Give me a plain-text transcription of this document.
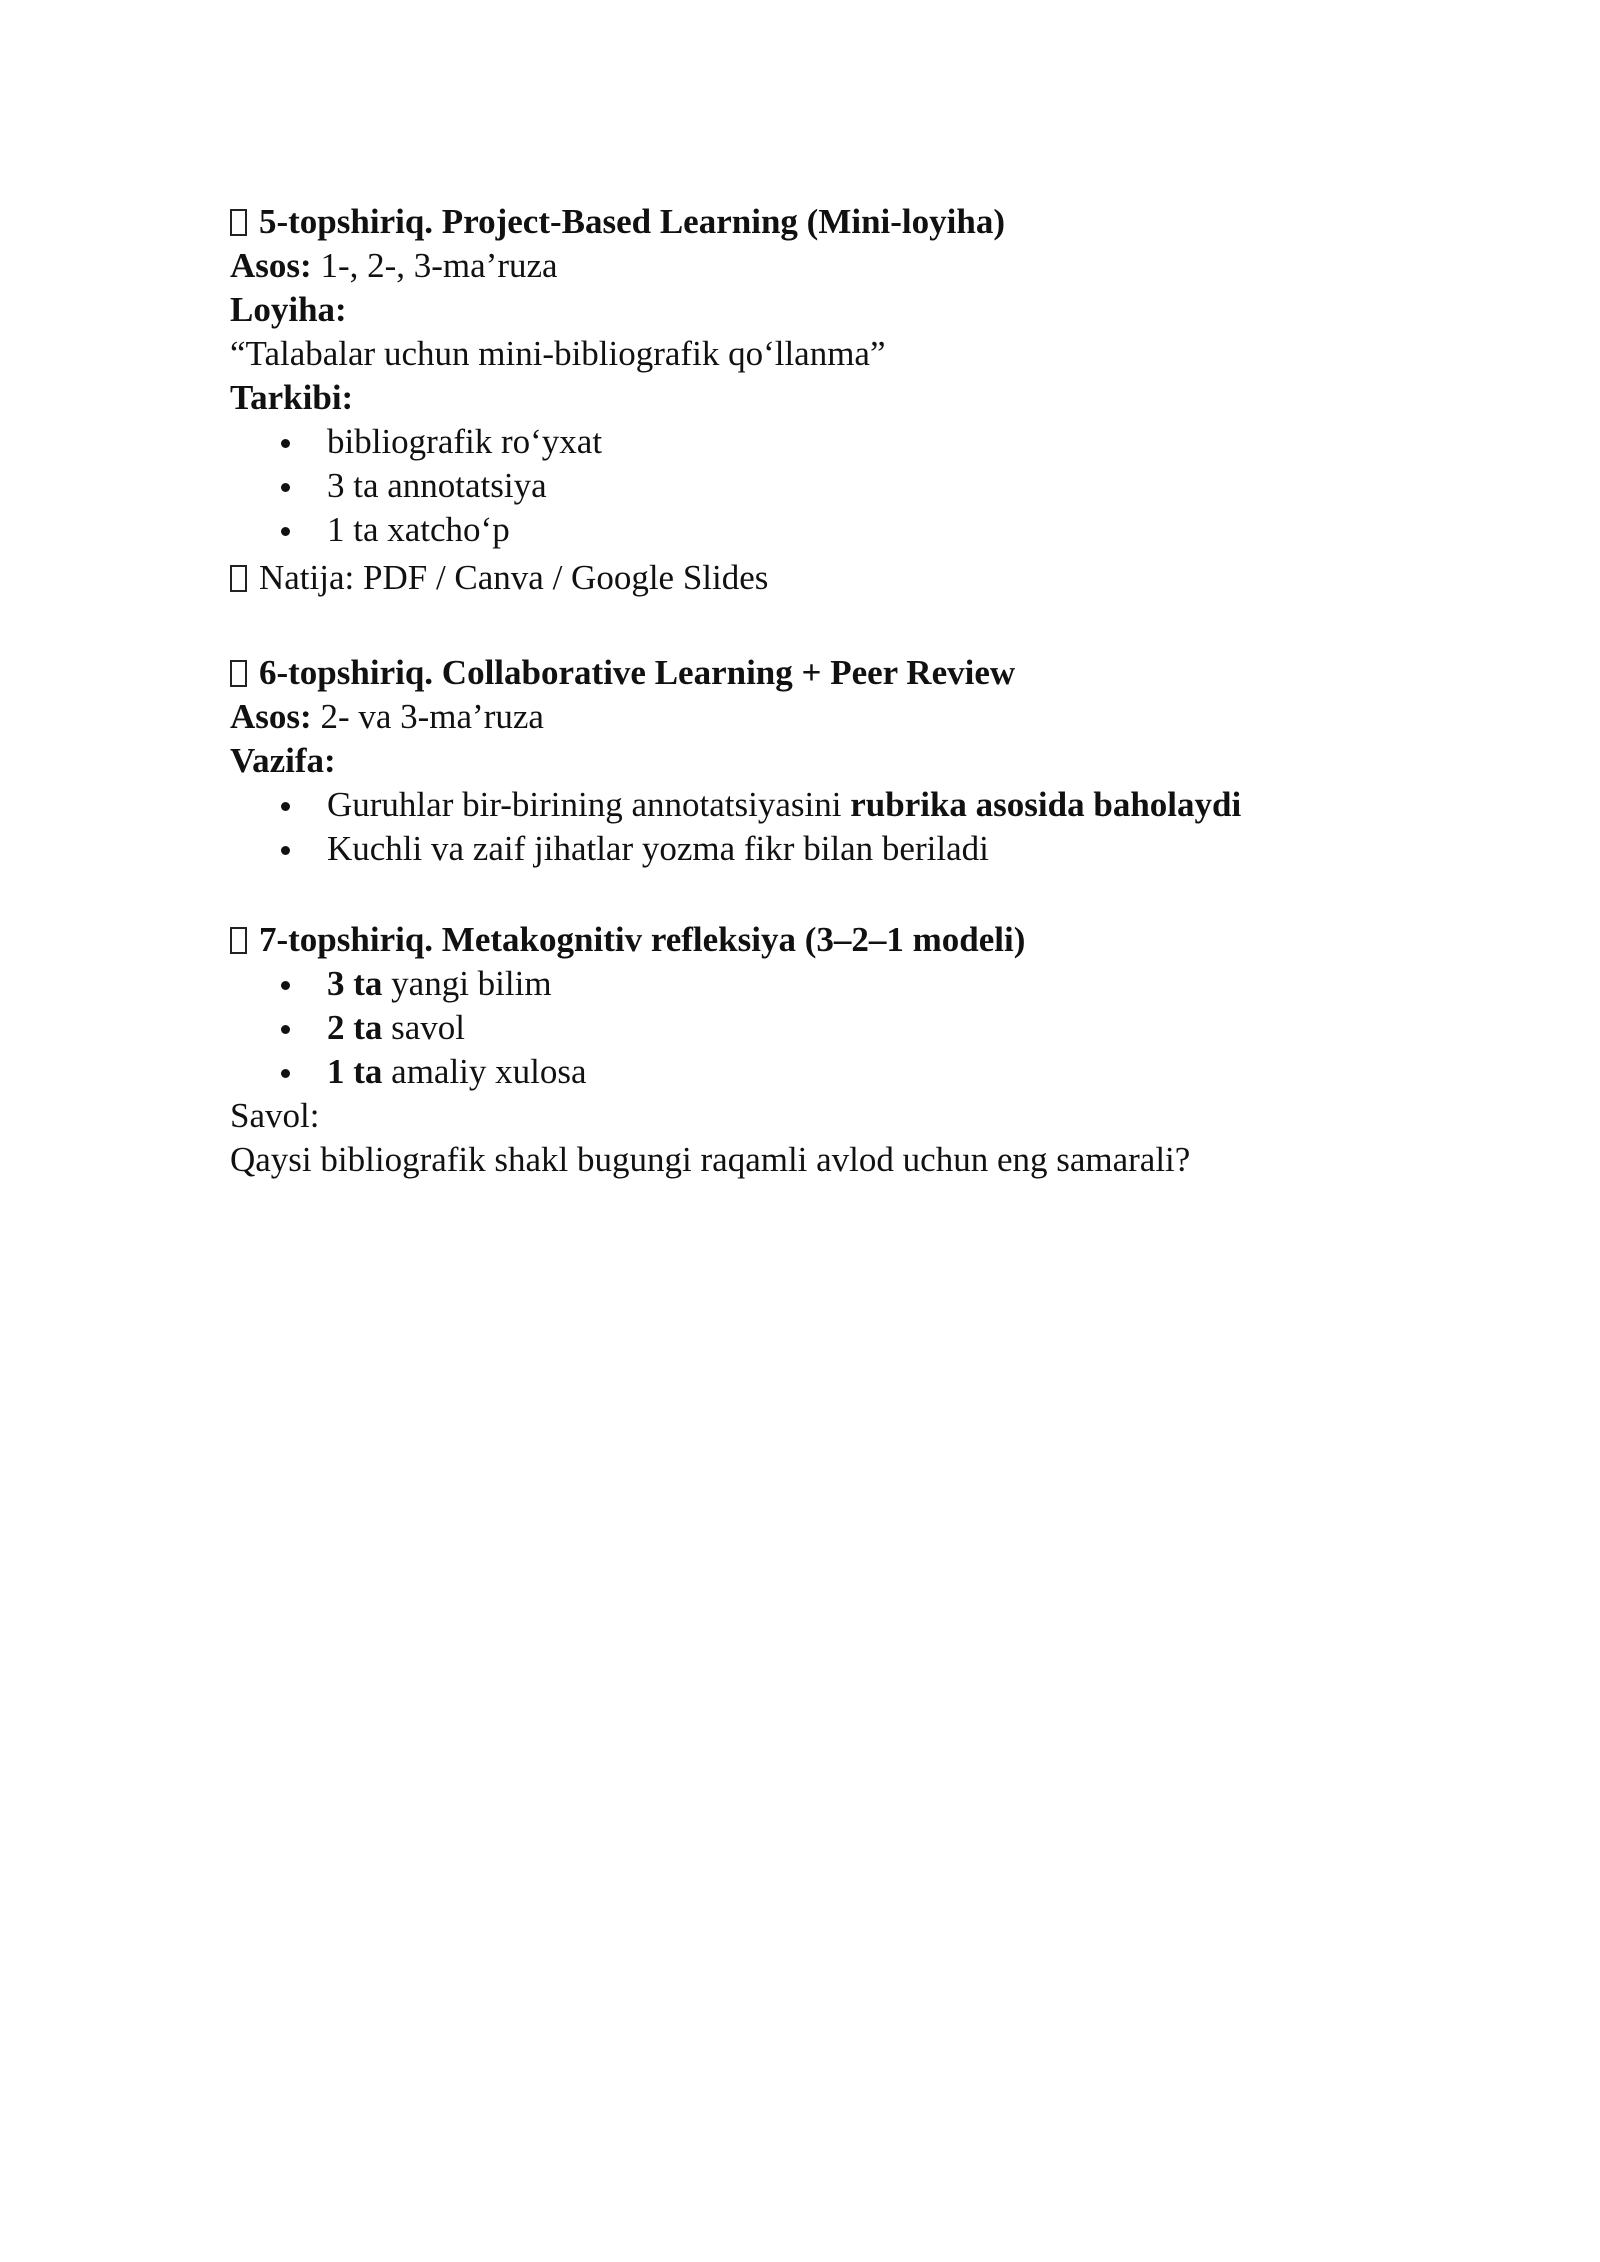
5-topshiriq. Project-Based Learning (Mini-loyiha)
Asos: 1-, 2-, 3-ma’ruza
Loyiha:
“Talabalar uchun mini-bibliografik qo‘llanma”
Tarkibi:
bibliografik ro‘yxat
3 ta annotatsiya
1 ta xatcho‘p
Natija: PDF / Canva / Google Slides
6-topshiriq. Collaborative Learning + Peer Review
Asos: 2- va 3-ma’ruza
Vazifa:
Guruhlar bir-birining annotatsiyasini rubrika asosida baholaydi
Kuchli va zaif jihatlar yozma fikr bilan beriladi
7-topshiriq. Metakognitiv refleksiya (3–2–1 modeli)
3 ta yangi bilim
2 ta savol
1 ta amaliy xulosa
Savol:
Qaysi bibliografik shakl bugungi raqamli avlod uchun eng samarali?
